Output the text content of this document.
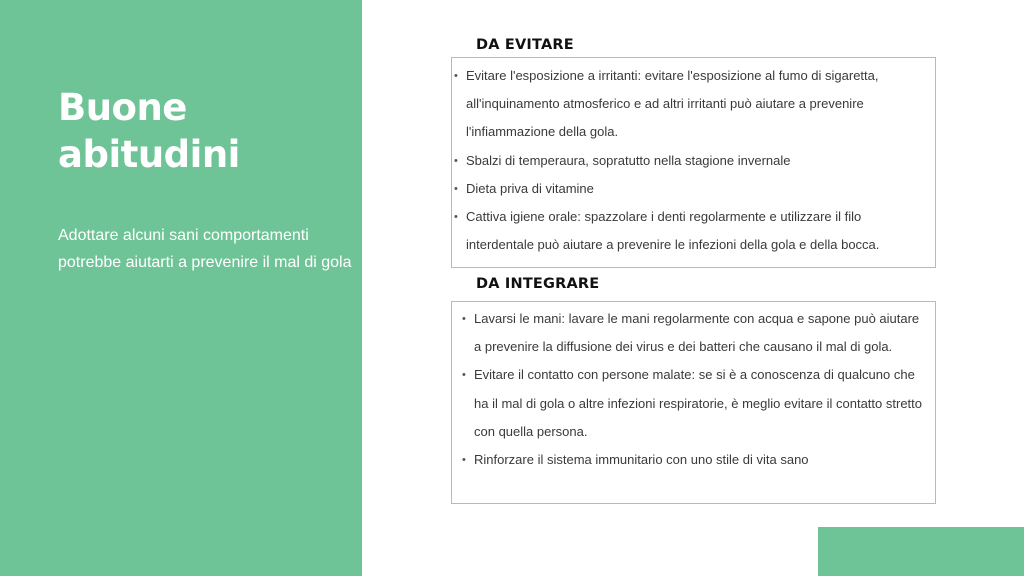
Buone abitudini

Adottare alcuni sani comportamenti potrebbe aiutarti a prevenire il mal di gola

DA EVITARE
• Evitare l'esposizione a irritanti: evitare l'esposizione al fumo di sigaretta, all'inquinamento atmosferico e ad altri irritanti può aiutare a prevenire l'infiammazione della gola.
• Sbalzi di temperaura, sopratutto nella stagione invernale
• Dieta priva di vitamine
• Cattiva igiene orale: spazzolare i denti regolarmente e utilizzare il filo interdentale può aiutare a prevenire le infezioni della gola e della bocca.
DA INTEGRARE
• Lavarsi le mani: lavare le mani regolarmente con acqua e sapone può aiutare a prevenire la diffusione dei virus e dei batteri che causano il mal di gola.
• Evitare il contatto con persone malate: se si è a conoscenza di qualcuno che ha il mal di gola o altre infezioni respiratorie, è meglio evitare il contatto stretto con quella persona.
• Rinforzare il sistema immunitario con uno stile di vita sano
